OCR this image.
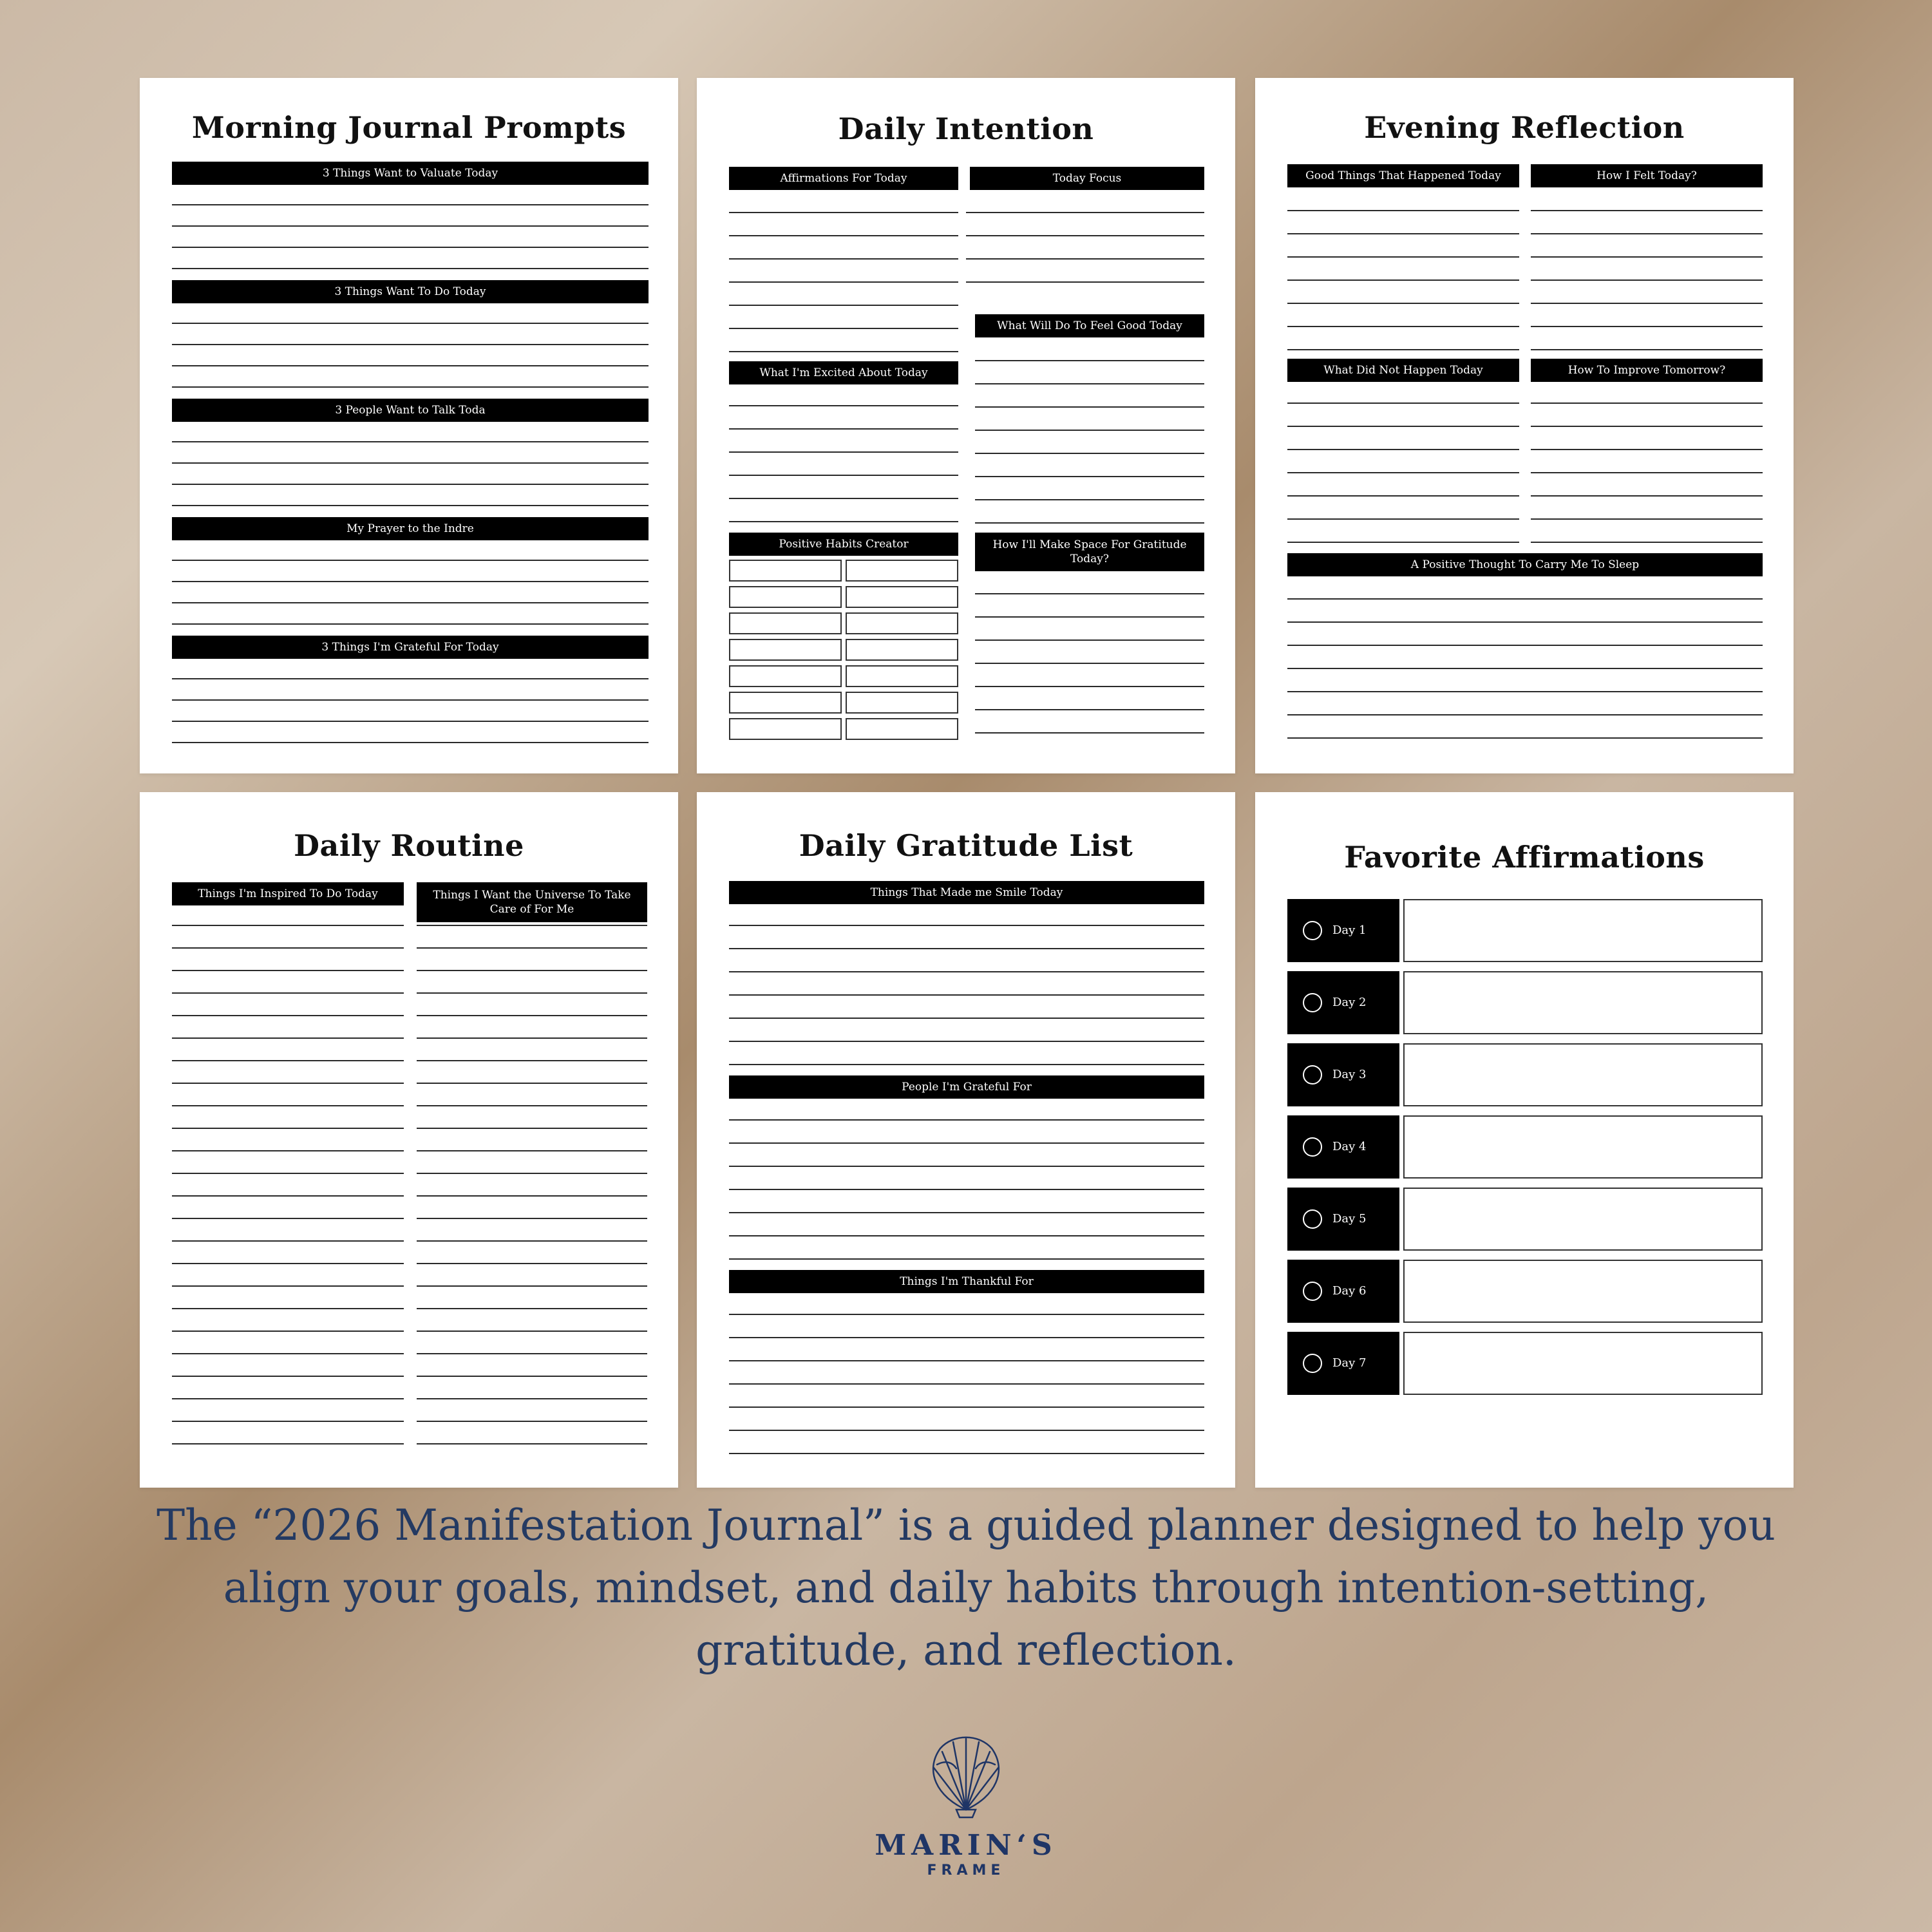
Morning Journal Prompts
3 Things Want to Valuate Today
3 Things Want To Do Today
3 People Want to Talk Toda
My Prayer to the Indre
3 Things I'm Grateful For Today
Daily Intention
Affirmations For Today	Today Focus
What Will Do To Feel Good Today
What I'm Excited About Today
Positive Habits Creator	How I'll Make Space For Gratitude Today?
Evening Reflection
Good Things That Happened Today	How I Felt Today?
What Did Not Happen Today	How To Improve Tomorrow?
A Positive Thought To Carry Me To Sleep
Daily Routine
Things I'm Inspired To Do Today	Things I Want the Universe To Take Care of For Me
Daily Gratitude List
Things That Made me Smile Today
People I'm Grateful For
Things I'm Thankful For
Favorite Affirmations
Day 1
Day 2
Day 3
Day 4
Day 5
Day 6
Day 7
The “2026 Manifestation Journal” is a guided planner designed to help you
align your goals, mindset, and daily habits through intention-setting,
gratitude, and reflection.
MARIN‘S
FRAME
